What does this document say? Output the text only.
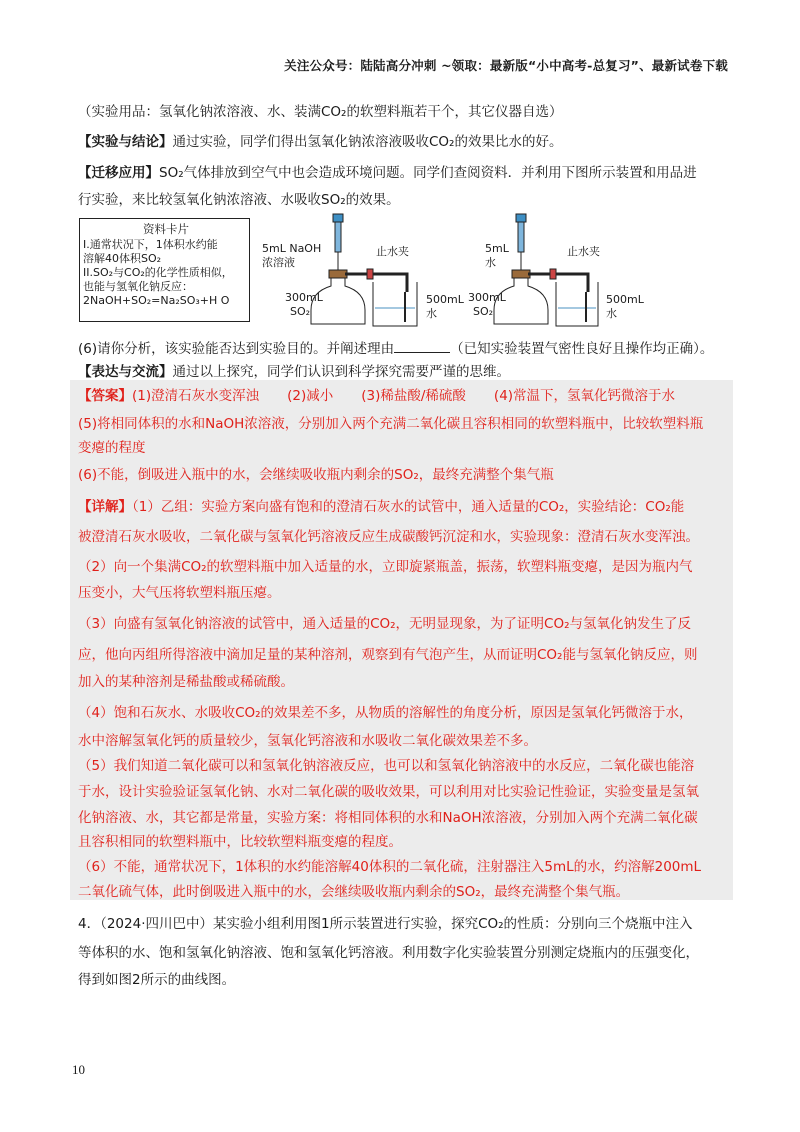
关注公众号：陆陆高分冲刺 ~领取：最新版“小中高考-总复习”、最新试卷下载
（实验用品：氢氧化钠浓溶液、水、装满CO₂的软塑料瓶若干个，其它仪器自选）
【实验与结论】通过实验，同学们得出氢氧化钠浓溶液吸收CO₂的效果比水的好。
【迁移应用】SO₂气体排放到空气中也会造成环境问题。同学们查阅资料．并利用下图所示装置和用品进
行实验，来比较氢氧化钠浓溶液、水吸收SO₂的效果。
资料卡片
I.通常状况下，1体积水约能
溶解40体积SO₂
II.SO₂与CO₂的化学性质相似，
也能与氢氧化钠反应：
2NaOH+SO₂=Na₂SO₃+H O
5mL NaOH
浓溶液
止水夹
300mL
SO₂
500mL
水
5mL
水
止水夹
300mL
SO₂
500mL
水
(6)请你分析，该实验能否达到实验目的。并阐述理由	（已知实验装置气密性良好且操作均正确）。
【表达与交流】通过以上探究，同学们认识到科学探究需要严谨的思维。
【答案】(1)澄清石灰水变浑浊 (2)减小 (3)稀盐酸/稀硫酸 (4)常温下，氢氧化钙微溶于水
(5)将相同体积的水和NaOH浓溶液，分别加入两个充满二氧化碳且容积相同的软塑料瓶中，比较软塑料瓶
变瘪的程度
(6)不能，倒吸进入瓶中的水，会继续吸收瓶内剩余的SO₂，最终充满整个集气瓶
【详解】（1）乙组：实验方案向盛有饱和的澄清石灰水的试管中，通入适量的CO₂，实验结论：CO₂能
被澄清石灰水吸收，二氧化碳与氢氧化钙溶液反应生成碳酸钙沉淀和水，实验现象：澄清石灰水变浑浊。
（2）向一个集满CO₂的软塑料瓶中加入适量的水，立即旋紧瓶盖，振荡，软塑料瓶变瘪，是因为瓶内气
压变小，大气压将软塑料瓶压瘪。
（3）向盛有氢氧化钠溶液的试管中，通入适量的CO₂，无明显现象，为了证明CO₂与氢氧化钠发生了反
应，他向丙组所得溶液中滴加足量的某种溶剂，观察到有气泡产生，从而证明CO₂能与氢氧化钠反应，则
加入的某种溶剂是稀盐酸或稀硫酸。
（4）饱和石灰水、水吸收CO₂的效果差不多，从物质的溶解性的角度分析，原因是氢氧化钙微溶于水，
水中溶解氢氧化钙的质量较少，氢氧化钙溶液和水吸收二氧化碳效果差不多。
（5）我们知道二氧化碳可以和氢氧化钠溶液反应，也可以和氢氧化钠溶液中的水反应，二氧化碳也能溶
于水，设计实验验证氢氧化钠、水对二氧化碳的吸收效果，可以利用对比实验记性验证，实验变量是氢氧
化钠溶液、水，其它都是常量，实验方案：将相同体积的水和NaOH浓溶液，分别加入两个充满二氧化碳
且容积相同的软塑料瓶中，比较软塑料瓶变瘪的程度。
（6）不能，通常状况下，1体积的水约能溶解40体积的二氧化硫，注射器注入5mL的水，约溶解200mL
二氧化硫气体，此时倒吸进入瓶中的水，会继续吸收瓶内剩余的SO₂，最终充满整个集气瓶。
4．（2024·四川巴中）某实验小组利用图1所示装置进行实验，探究CO₂的性质：分别向三个烧瓶中注入
等体积的水、饱和氢氧化钠溶液、饱和氢氧化钙溶液。利用数字化实验装置分别测定烧瓶内的压强变化，
得到如图2所示的曲线图。
10
